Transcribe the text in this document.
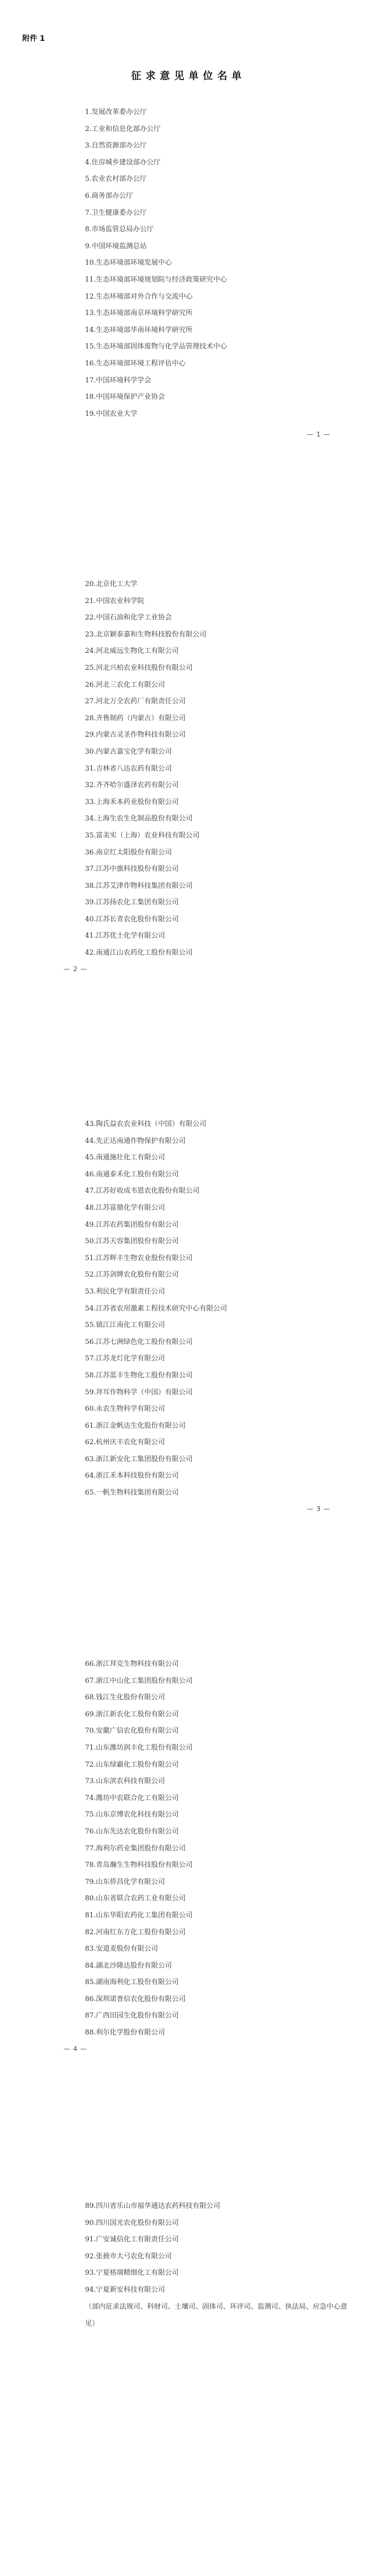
附件 1
征求意见单位名单
1.发展改革委办公厅
2.工业和信息化部办公厅
3.自然资源部办公厅
4.住房城乡建设部办公厅
5.农业农村部办公厅
6.商务部办公厅
7.卫生健康委办公厅
8.市场监管总局办公厅
9.中国环境监测总站
10.生态环境部环境发展中心
11.生态环境部环境规划院与经济政策研究中心
12.生态环境部对外合作与交流中心
13.生态环境部南京环境科学研究所
14.生态环境部华南环境科学研究所
15.生态环境部固体废物与化学品管理技术中心
16.生态环境部环境工程评估中心
17.中国环境科学学会
18.中国环境保护产业协会
19.中国农业大学
— 1 —
20.北京化工大学
21.中国农业科学院
22.中国石油和化学工业协会
23.北京颖泰嘉和生物科技股份有限公司
24.河北威远生物化工有限公司
25.河北兴柏农业科技股份有限公司
26.河北三农化工有限公司
27.河北万全农药厂有限责任公司
28.齐鲁制药（内蒙古）有限公司
29.内蒙古灵圣作物科技有限公司
30.内蒙古嘉宝化学有限公司
31.吉林省八达农药有限公司
32.齐齐哈尔盛泽农药有限公司
33.上海禾本药业股份有限公司
34.上海生农生化制品股份有限公司
35.富美实（上海）农业科技有限公司
36.南京红太阳股份有限公司
37.江苏中旗科技股份有限公司
38.江苏艾津作物科技集团有限公司
39.江苏扬农化工集团有限公司
40.江苏长青农化股份有限公司
41.江苏优士化学有限公司
42.南通江山农药化工股份有限公司
— 2 —
43.陶氏益农农业科技（中国）有限公司
44.先正达南通作物保护有限公司
45.南通施壮化工有限公司
46.南通泰禾化工股份有限公司
47.江苏好收成韦恩农化股份有限公司
48.江苏富鼎化学有限公司
49.江苏农药集团股份有限公司
50.江苏天容集团股份有限公司
51.江苏辉丰生物农业股份有限公司
52.江苏剑牌农化股份有限公司
53.利民化学有限责任公司
54.江苏省农用激素工程技术研究中心有限公司
55.镇江江南化工有限公司
56.江苏七洲绿色化工股份有限公司
57.江苏龙灯化学有限公司
58.江苏蓝丰生物化工股份有限公司
59.拜耳作物科学（中国）有限公司
60.永农生物科学有限公司
61.浙江金帆达生化股份有限公司
62.杭州庆丰农化有限公司
63.浙江新安化工集团股份有限公司
64.浙江禾本科技股份有限公司
65.一帆生物科技集团有限公司
— 3 —
66.浙江拜克生物科技有限公司
67.浙江中山化工集团股份有限公司
68.钱江生化股份有限公司
69.浙江新农化工股份有限公司
70.安徽广信农化股份有限公司
71.山东潍坊润丰化工股份有限公司
72.山东绿霸化工股份有限公司
73.山东滨农科技有限公司
74.潍坊中农联合化工有限公司
75.山东京博农化科技有限公司
76.山东先达农化股份有限公司
77.海利尔药业集团股份有限公司
78.青岛瀚生生物科技股份有限公司
79.山东侨昌化学有限公司
80.山东省联合农药工业有限公司
81.山东华阳农药化工集团有限公司
82.河南红东方化工股份有限公司
83.安道麦股份有限公司
84.湖北沙隆达股份有限公司
85.湖南海利化工股份有限公司
86.深圳诺普信农化股份有限公司
87.广西田园生化股份有限公司
88.利尔化学股份有限公司
— 4 —
89.四川省乐山市福华通达农药科技有限公司
90.四川国光农化股份有限公司
91.广安诚信化工有限责任公司
92.张掖市大弓农化有限公司
93.宁夏格瑞精细化工有限公司
94.宁夏新安科技有限公司
（部内征求法规司、科财司、土壤司、固体司、环评司、监测司、执法局、应急中心意见）
